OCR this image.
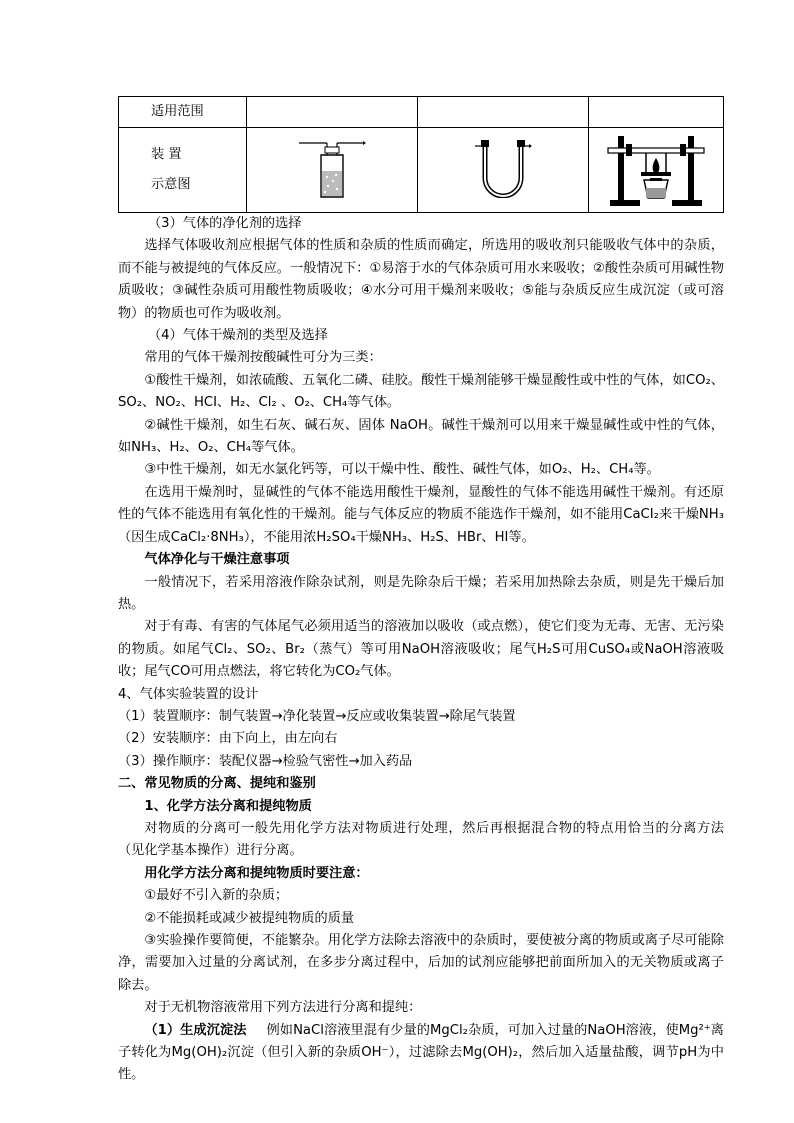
适用范围			

装 置
示意图

（3）气体的净化剂的选择

选择气体吸收剂应根据气体的性质和杂质的性质而确定，所选用的吸收剂只能吸收气体中的杂质，而不能与被提纯的气体反应。一般情况下：①易溶于水的气体杂质可用水来吸收；②酸性杂质可用碱性物质吸收；③碱性杂质可用酸性物质吸收；④水分可用干燥剂来吸收；⑤能与杂质反应生成沉淀（或可溶物）的物质也可作为吸收剂。

（4）气体干燥剂的类型及选择

常用的气体干燥剂按酸碱性可分为三类：

①酸性干燥剂，如浓硫酸、五氧化二磷、硅胶。酸性干燥剂能够干燥显酸性或中性的气体，如CO₂、SO₂、NO₂、HCI、H₂、Cl₂ 、O₂、CH₄等气体。

②碱性干燥剂，如生石灰、碱石灰、固体 NaOH。碱性干燥剂可以用来干燥显碱性或中性的气体，如NH₃、H₂、O₂、CH₄等气体。

③中性干燥剂，如无水氯化钙等，可以干燥中性、酸性、碱性气体，如O₂、H₂、CH₄等。

在选用干燥剂时，显碱性的气体不能选用酸性干燥剂，显酸性的气体不能选用碱性干燥剂。有还原性的气体不能选用有氧化性的干燥剂。能与气体反应的物质不能选作干燥剂，如不能用CaCI₂来干燥NH₃（因生成CaCl₂·8NH₃），不能用浓H₂SO₄干燥NH₃、H₂S、HBr、HI等。

气体净化与干燥注意事项

一般情况下，若采用溶液作除杂试剂，则是先除杂后干燥；若采用加热除去杂质，则是先干燥后加热。

对于有毒、有害的气体尾气必须用适当的溶液加以吸收（或点燃），使它们变为无毒、无害、无污染的物质。如尾气Cl₂、SO₂、Br₂（蒸气）等可用NaOH溶液吸收；尾气H₂S可用CuSO₄或NaOH溶液吸收；尾气CO可用点燃法，将它转化为CO₂气体。

4、气体实验装置的设计

（1）装置顺序：制气装置→净化装置→反应或收集装置→除尾气装置

（2）安装顺序：由下向上，由左向右

（3）操作顺序：装配仪器→检验气密性→加入药品

二、常见物质的分离、提纯和鉴别

1、化学方法分离和提纯物质

对物质的分离可一般先用化学方法对物质进行处理，然后再根据混合物的特点用恰当的分离方法（见化学基本操作）进行分离。

用化学方法分离和提纯物质时要注意：

①最好不引入新的杂质；

②不能损耗或减少被提纯物质的质量

③实验操作要简便，不能繁杂。用化学方法除去溶液中的杂质时，要使被分离的物质或离子尽可能除净，需要加入过量的分离试剂，在多步分离过程中，后加的试剂应能够把前面所加入的无关物质或离子除去。

对于无机物溶液常用下列方法进行分离和提纯：

（1）生成沉淀法 例如NaCl溶液里混有少量的MgCl₂杂质，可加入过量的NaOH溶液，使Mg²⁺离子转化为Mg(OH)₂沉淀（但引入新的杂质OH⁻），过滤除去Mg(OH)₂，然后加入适量盐酸，调节pH为中性。
